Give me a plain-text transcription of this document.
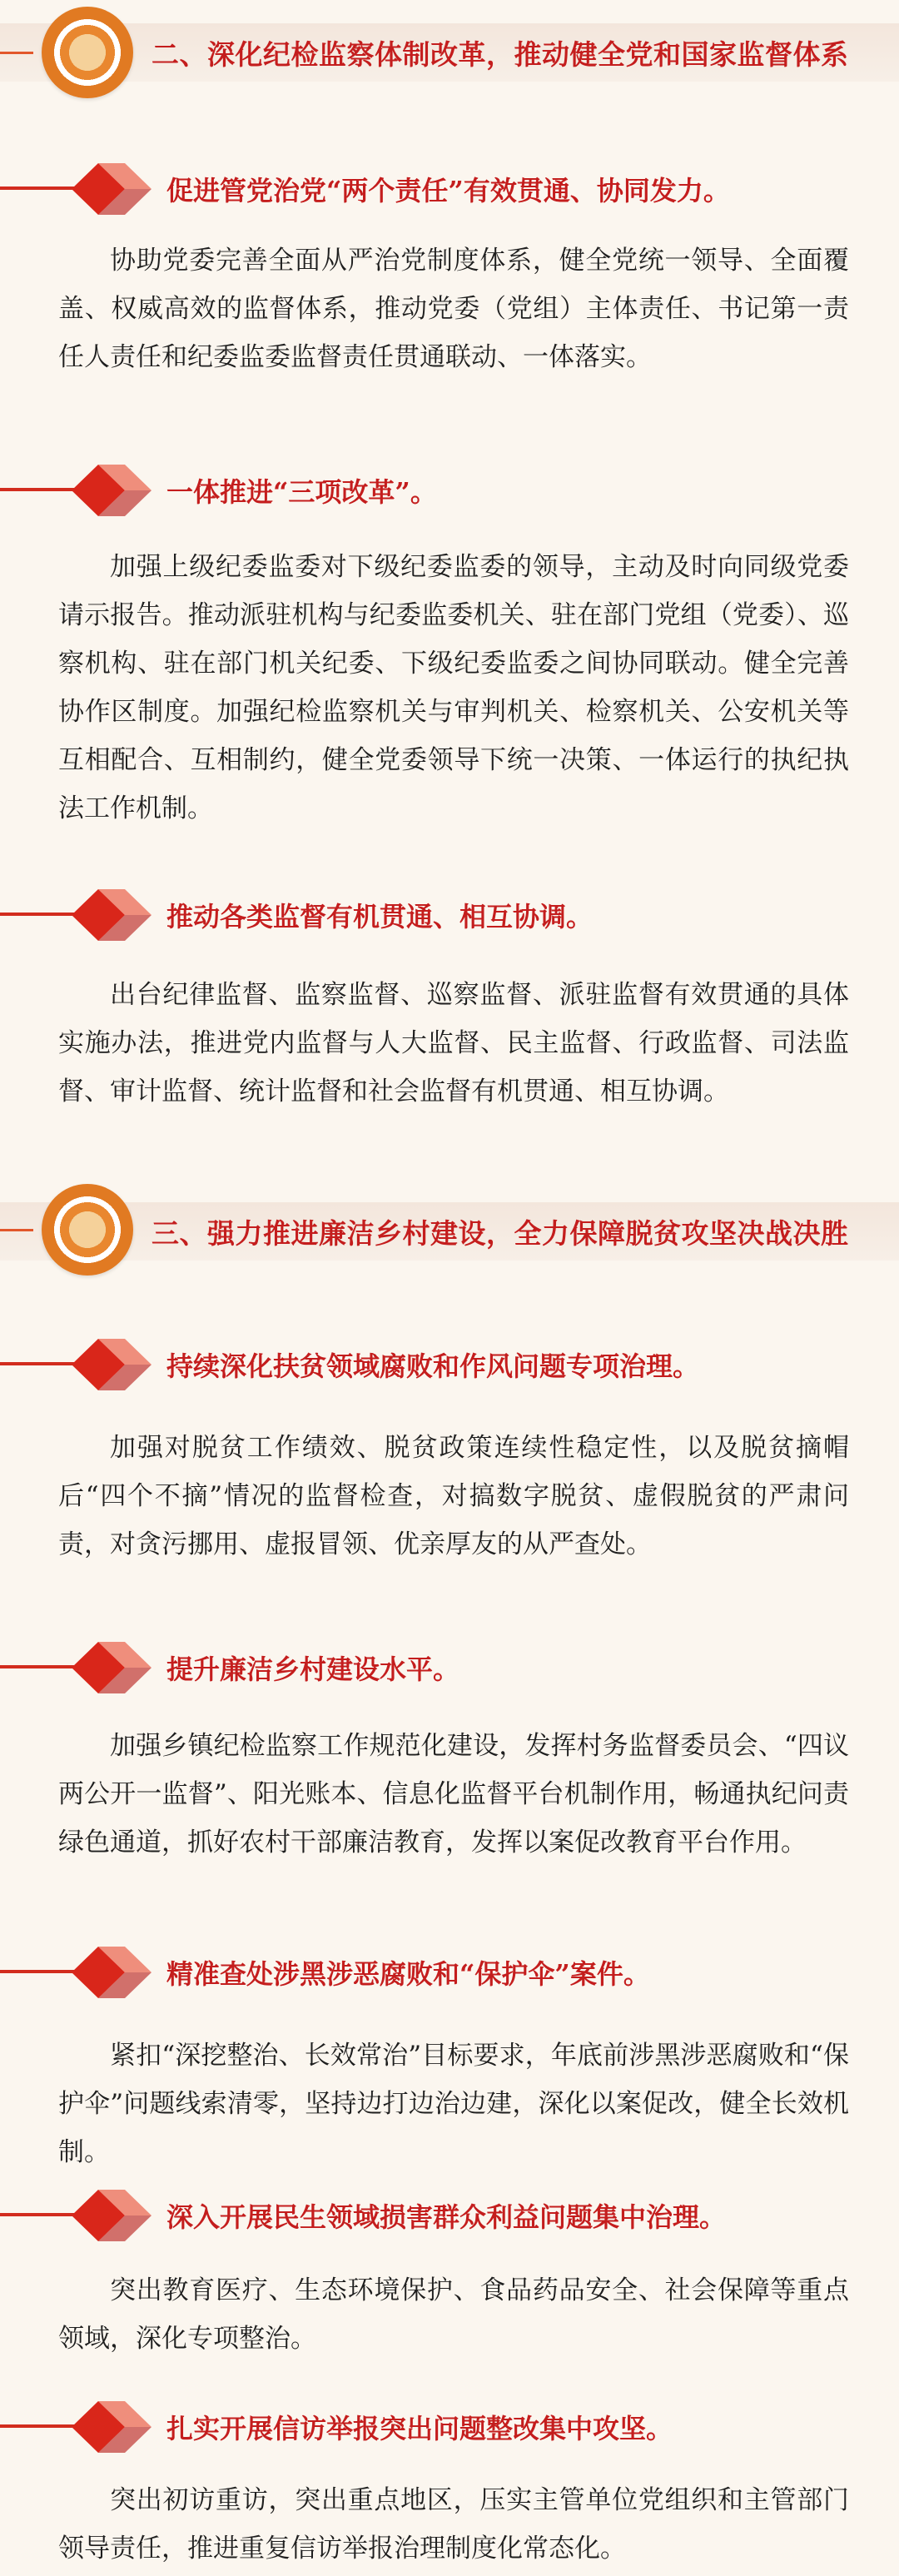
二、深化纪检监察体制改革，推动健全党和国家监督体系
促进管党治党“两个责任”有效贯通、协同发力。
协助党委完善全面从严治党制度体系，健全党统一领导、全面覆盖、权威高效的监督体系，推动党委（党组）主体责任、书记第一责任人责任和纪委监委监督责任贯通联动、一体落实。
一体推进“三项改革”。
加强上级纪委监委对下级纪委监委的领导，主动及时向同级党委请示报告。推动派驻机构与纪委监委机关、驻在部门党组（党委）、巡察机构、驻在部门机关纪委、下级纪委监委之间协同联动。健全完善协作区制度。加强纪检监察机关与审判机关、检察机关、公安机关等互相配合、互相制约，健全党委领导下统一决策、一体运行的执纪执法工作机制。
推动各类监督有机贯通、相互协调。
出台纪律监督、监察监督、巡察监督、派驻监督有效贯通的具体实施办法，推进党内监督与人大监督、民主监督、行政监督、司法监督、审计监督、统计监督和社会监督有机贯通、相互协调。
三、强力推进廉洁乡村建设，全力保障脱贫攻坚决战决胜
持续深化扶贫领域腐败和作风问题专项治理。
加强对脱贫工作绩效、脱贫政策连续性稳定性，以及脱贫摘帽后“四个不摘”情况的监督检查，对搞数字脱贫、虚假脱贫的严肃问责，对贪污挪用、虚报冒领、优亲厚友的从严查处。
提升廉洁乡村建设水平。
加强乡镇纪检监察工作规范化建设，发挥村务监督委员会、“四议两公开一监督”、阳光账本、信息化监督平台机制作用，畅通执纪问责绿色通道，抓好农村干部廉洁教育，发挥以案促改教育平台作用。
精准查处涉黑涉恶腐败和“保护伞”案件。
紧扣“深挖整治、长效常治”目标要求，年底前涉黑涉恶腐败和“保护伞”问题线索清零，坚持边打边治边建，深化以案促改，健全长效机制。
深入开展民生领域损害群众利益问题集中治理。
突出教育医疗、生态环境保护、食品药品安全、社会保障等重点领域，深化专项整治。
扎实开展信访举报突出问题整改集中攻坚。
突出初访重访，突出重点地区，压实主管单位党组织和主管部门领导责任，推进重复信访举报治理制度化常态化。
